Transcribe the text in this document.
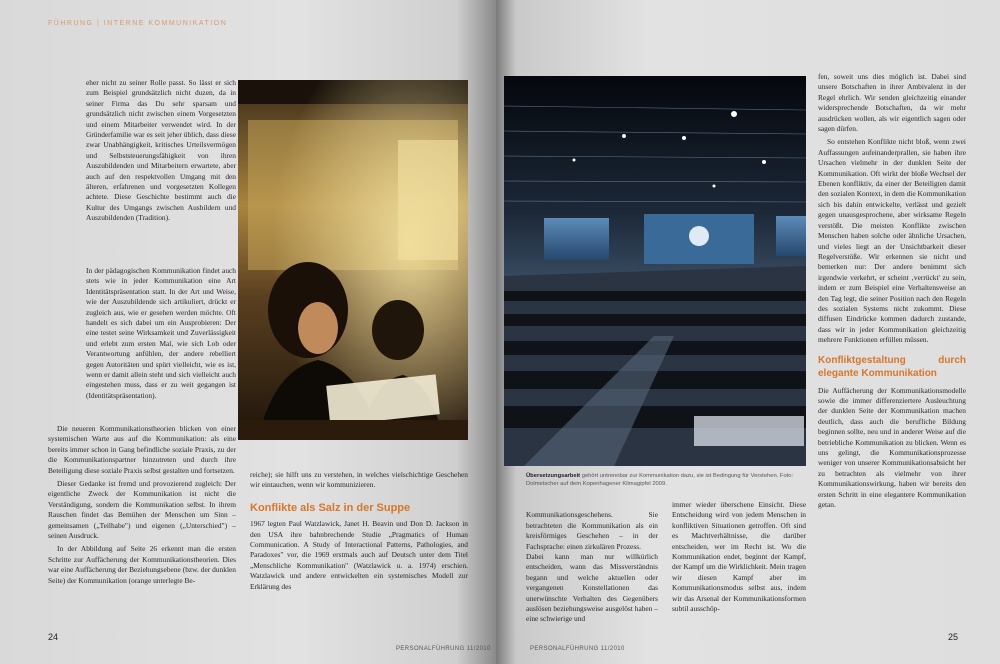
FÜHRUNG | INTERNE KOMMUNIKATION

eher nicht zu seiner Rolle passt. So lässt er sich zum Beispiel grundsätzlich nicht duzen, da in seiner Firma das Du sehr sparsam und grundsätzlich nicht zwischen einem Vorgesetzten und einem Mitarbeiter verwendet wird. In der Gründerfamilie war es seit jeher üblich, dass diese zwar Unabhängigkeit, kritisches Urteilsvermögen und Selbststeuerungsfähigkeit von ihren Auszubildenden und Mitarbeitern erwartete, aber auch auf den respektvollen Umgang mit den älteren, erfahrenen und vorgesetzten Kollegen achtete. Diese Geschichte bestimmt auch die Kultur des Umgangs zwischen Ausbildern und Auszubildenden (Tradition).

In der pädagogischen Kommunikation findet auch stets wie in jeder Kommunikation eine Art Identitätspräsentation statt. In der Art und Weise, wie der Auszubildende sich artikuliert, drückt er zugleich aus, wie er gesehen werden möchte. Oft handelt es sich dabei um ein Ausprobieren: Der eine testet seine Wirksamkeit und Zuverlässigkeit und erlebt zum ersten Mal, wie sich Lob oder Verantwortung anfühlen, der andere rebelliert gegen Autoritäten und spürt vielleicht, wie es ist, wenn er damit allein steht und sich vielleicht auch eingestehen muss, dass er zu weit gegangen ist (Identitätspräsentation).

Die neueren Kommunikationstheorien blicken von einer systemischen Warte aus auf die Kommunikation: als eine bereits immer schon in Gang befindliche soziale Praxis, zu der die Kommunikationspartner hinzutreten und durch ihre Beteiligung diese soziale Praxis selbst gestalten und fortsetzen.

Dieser Gedanke ist fremd und provozierend zugleich: Der eigentliche Zweck der Kommunikation ist nicht die Verständigung, sondern die Kommunikation selbst. In ihrem Rauschen findet das Bemühen der Menschen um Sinn – gemeinsamen („Teilhabe") und eigenen („Unterschied") – seinen Ausdruck.

In der Abbildung auf Seite 26 erkennt man die ersten Schritte zur Auffächerung der Kommunikationstheorien. Dies war eine Auffächerung der Beziehungsebene (bzw. der dunklen Seite) der Kommunikation (orange unterlegte Be-

reiche); sie hilft uns zu verstehen, in welches vielschichtige Geschehen wir eintauchen, wenn wir kommunizieren.

Konflikte als Salz in der Suppe

1967 legten Paul Watzlawick, Janet H. Beavin und Don D. Jackson in den USA ihre bahnbrechende Studie „Pragmatics of Human Communication. A Study of Interactional Patterns, Pathologies, and Paradoxes" vor, die 1969 erstmals auch auf Deutsch unter dem Titel „Menschliche Kommunikation" (Watzlawick u. a. 1974) erschien. Watzlawick und andere entwickelten ein systemisches Modell zur Erklärung des

24
PERSONALFÜHRUNG 11/2010
Übersetzungsarbeit gehört untrennbar zur Kommunikation dazu, sie ist Bedingung für Verstehen. Foto: Dolmetscher auf dem Kopenhagener Klimagipfel 2009.

Kommunikationsgeschehens. Sie betrachteten die Kommunikation als ein kreisförmiges Geschehen – in der Fachsprache: einen zirkulären Prozess.
Dabei kann man nur willkürlich entscheiden, wann das Missverständnis begann und welche aktuellen oder vergangenen Konstellationen das unerwünschte Verhalten des Gegenübers auslösen beziehungsweise ausgelöst haben – eine schwierige und

immer wieder überschene Einsicht. Diese Entscheidung wird von jedem Menschen in konfliktiven Situationen getroffen. Oft sind es Machtverhältnisse, die darüber entscheiden, wer im Recht ist. Wo die Kommunikation endet, beginnt der Kampf, der Kampf um die Wirklichkeit. Mein tragen wir diesen Kampf aber im Kommunikationsmodus selbst aus, indem wir das Arsenal der Kommunikationsformen subtil ausschöp-

fen, soweit uns dies möglich ist. Dabei sind unsere Botschaften in ihrer Ambivalenz in der Regel ehrlich. Wir senden gleichzeitig einander widersprechende Botschaften, da wir mehr ausdrücken wollen, als wir eigentlich sagen oder sagen dürfen.

So entstehen Konflikte nicht bloß, wenn zwei Auffassungen aufeinanderprallen, sie haben ihre Ursachen vielmehr in der dunklen Seite der Kommunikation. Oft wirkt der bloße Wechsel der Ebenen konfliktiv, da einer der Beteiligten damit den sozialen Kontext, in dem die Kommunikation sich bis dahin entwickelte, verlässt und gezielt gegen unausgesprochene, aber wirksame Regeln verstößt. Die meisten Konflikte zwischen Menschen haben solche oder ähnliche Ursachen, und vieles liegt an der Unsichtbarkeit dieser Regelverstöße. Wir erkennen sie nicht und bemerken nur: Der andere benimmt sich irgendwie verkehrt, er scheint ‚verrückt' zu sein, indem er zum Beispiel eine Verhaltensweise an den Tag legt, die seiner Position nach den Regeln des sozialen Systems nicht zukommt. Diese diffusen Eindrücke kommen dadurch zustande, dass wir in jeder Kommunikation gleichzeitig mehrere Funktionen erfüllen müssen.

Konfliktgestaltung durch elegante Kommunikation

Die Auffächerung der Kommunikationsmodelle sowie die immer differenziertere Ausleuchtung der dunklen Seite der Kommunikation machen deutlich, dass auch die berufliche Bildung beginnen sollte, neu und in anderer Weise auf die betriebliche Kommunikation zu blicken. Wenn es uns gelingt, die Kommunikationsprozesse weniger von unserer Kommunikationsabsicht her zu betrachten als vielmehr von ihrer Kommunikationswirkung, haben wir bereits den ersten Schritt in eine elegantere Kommunikation getan.

PERSONALFÜHRUNG 11/2010
25
